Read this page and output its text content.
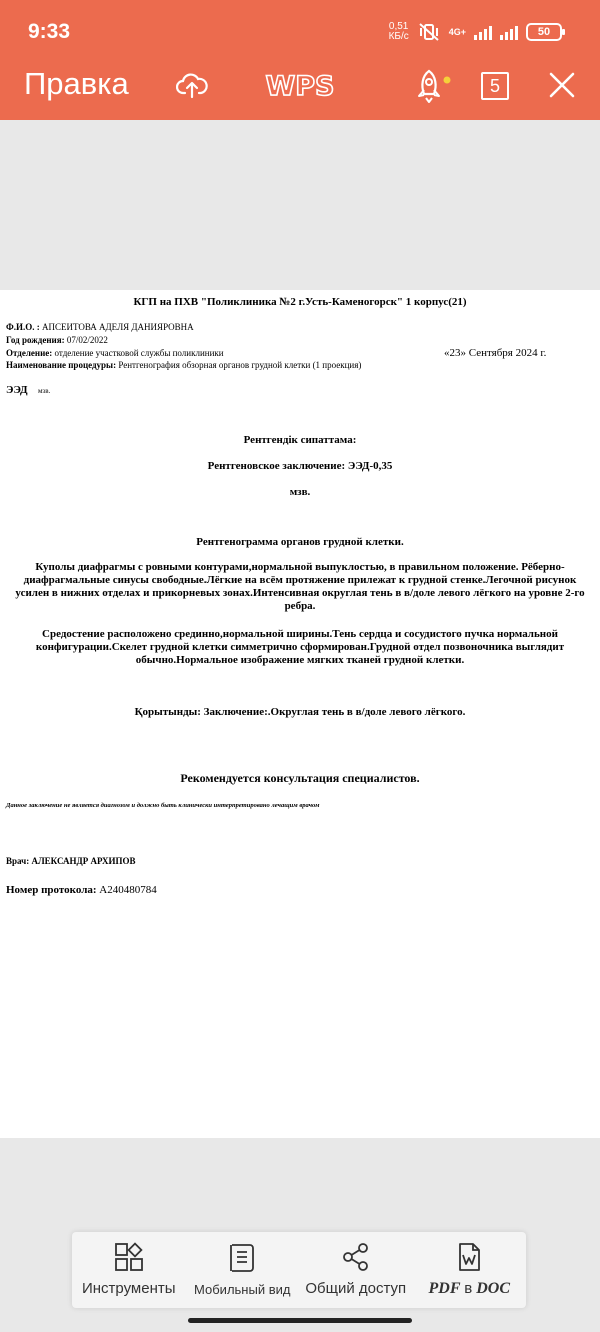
9:33	0,51
КБ/с	4G+	50
Правка	WPS	5
КГП на ПХВ "Поликлиника №2 г.Усть-Каменогорск" 1 корпус(21)
Ф.И.О. : АПСЕИТОВА АДЕЛЯ ДАНИЯРОВНА
Год рождения: 07/02/2022
Отделение: отделение участковой службы поликлиники	«23» Сентября 2024 г.
Наименование процедуры: Рентгенография обзорная органов грудной клетки (1 проекция)
ЭЭД мзв.
Рентгендік сипаттама:
Рентгеновское заключение: ЭЭД-0,35
мзв.
Рентгенограмма органов грудной клетки.
Куполы диафрагмы с ровными контурами,нормальной выпуклостью, в правильном положение. Рёберно-диафрагмальные синусы свободные.Лёгкие на всём протяжение прилежат к грудной стенке.Легочной рисунок усилен в нижних отделах и прикорневых зонах.Интенсивная округлая тень в в/доле левого лёгкого на уровне 2-го ребра.
Средостение расположено срединно,нормальной ширины.Тень сердца и сосудистого пучка нормальной конфигурации.Скелет грудной клетки симметрично сформирован.Грудной отдел позвоночника выглядит обычно.Нормальное изображение мягких тканей грудной клетки.
Қорытынды: Заключение:.Округлая тень в в/доле левого лёгкого.
Рекомендуется консультация специалистов.
Данное заключение не является диагнозом и должно быть клинически интерпретировано лечащим врачом
Врач: АЛЕКСАНДР АРХИПОВ
Номер протокола: А240480784
Инструменты Мобильный вид Общий доступ PDF в DOC
